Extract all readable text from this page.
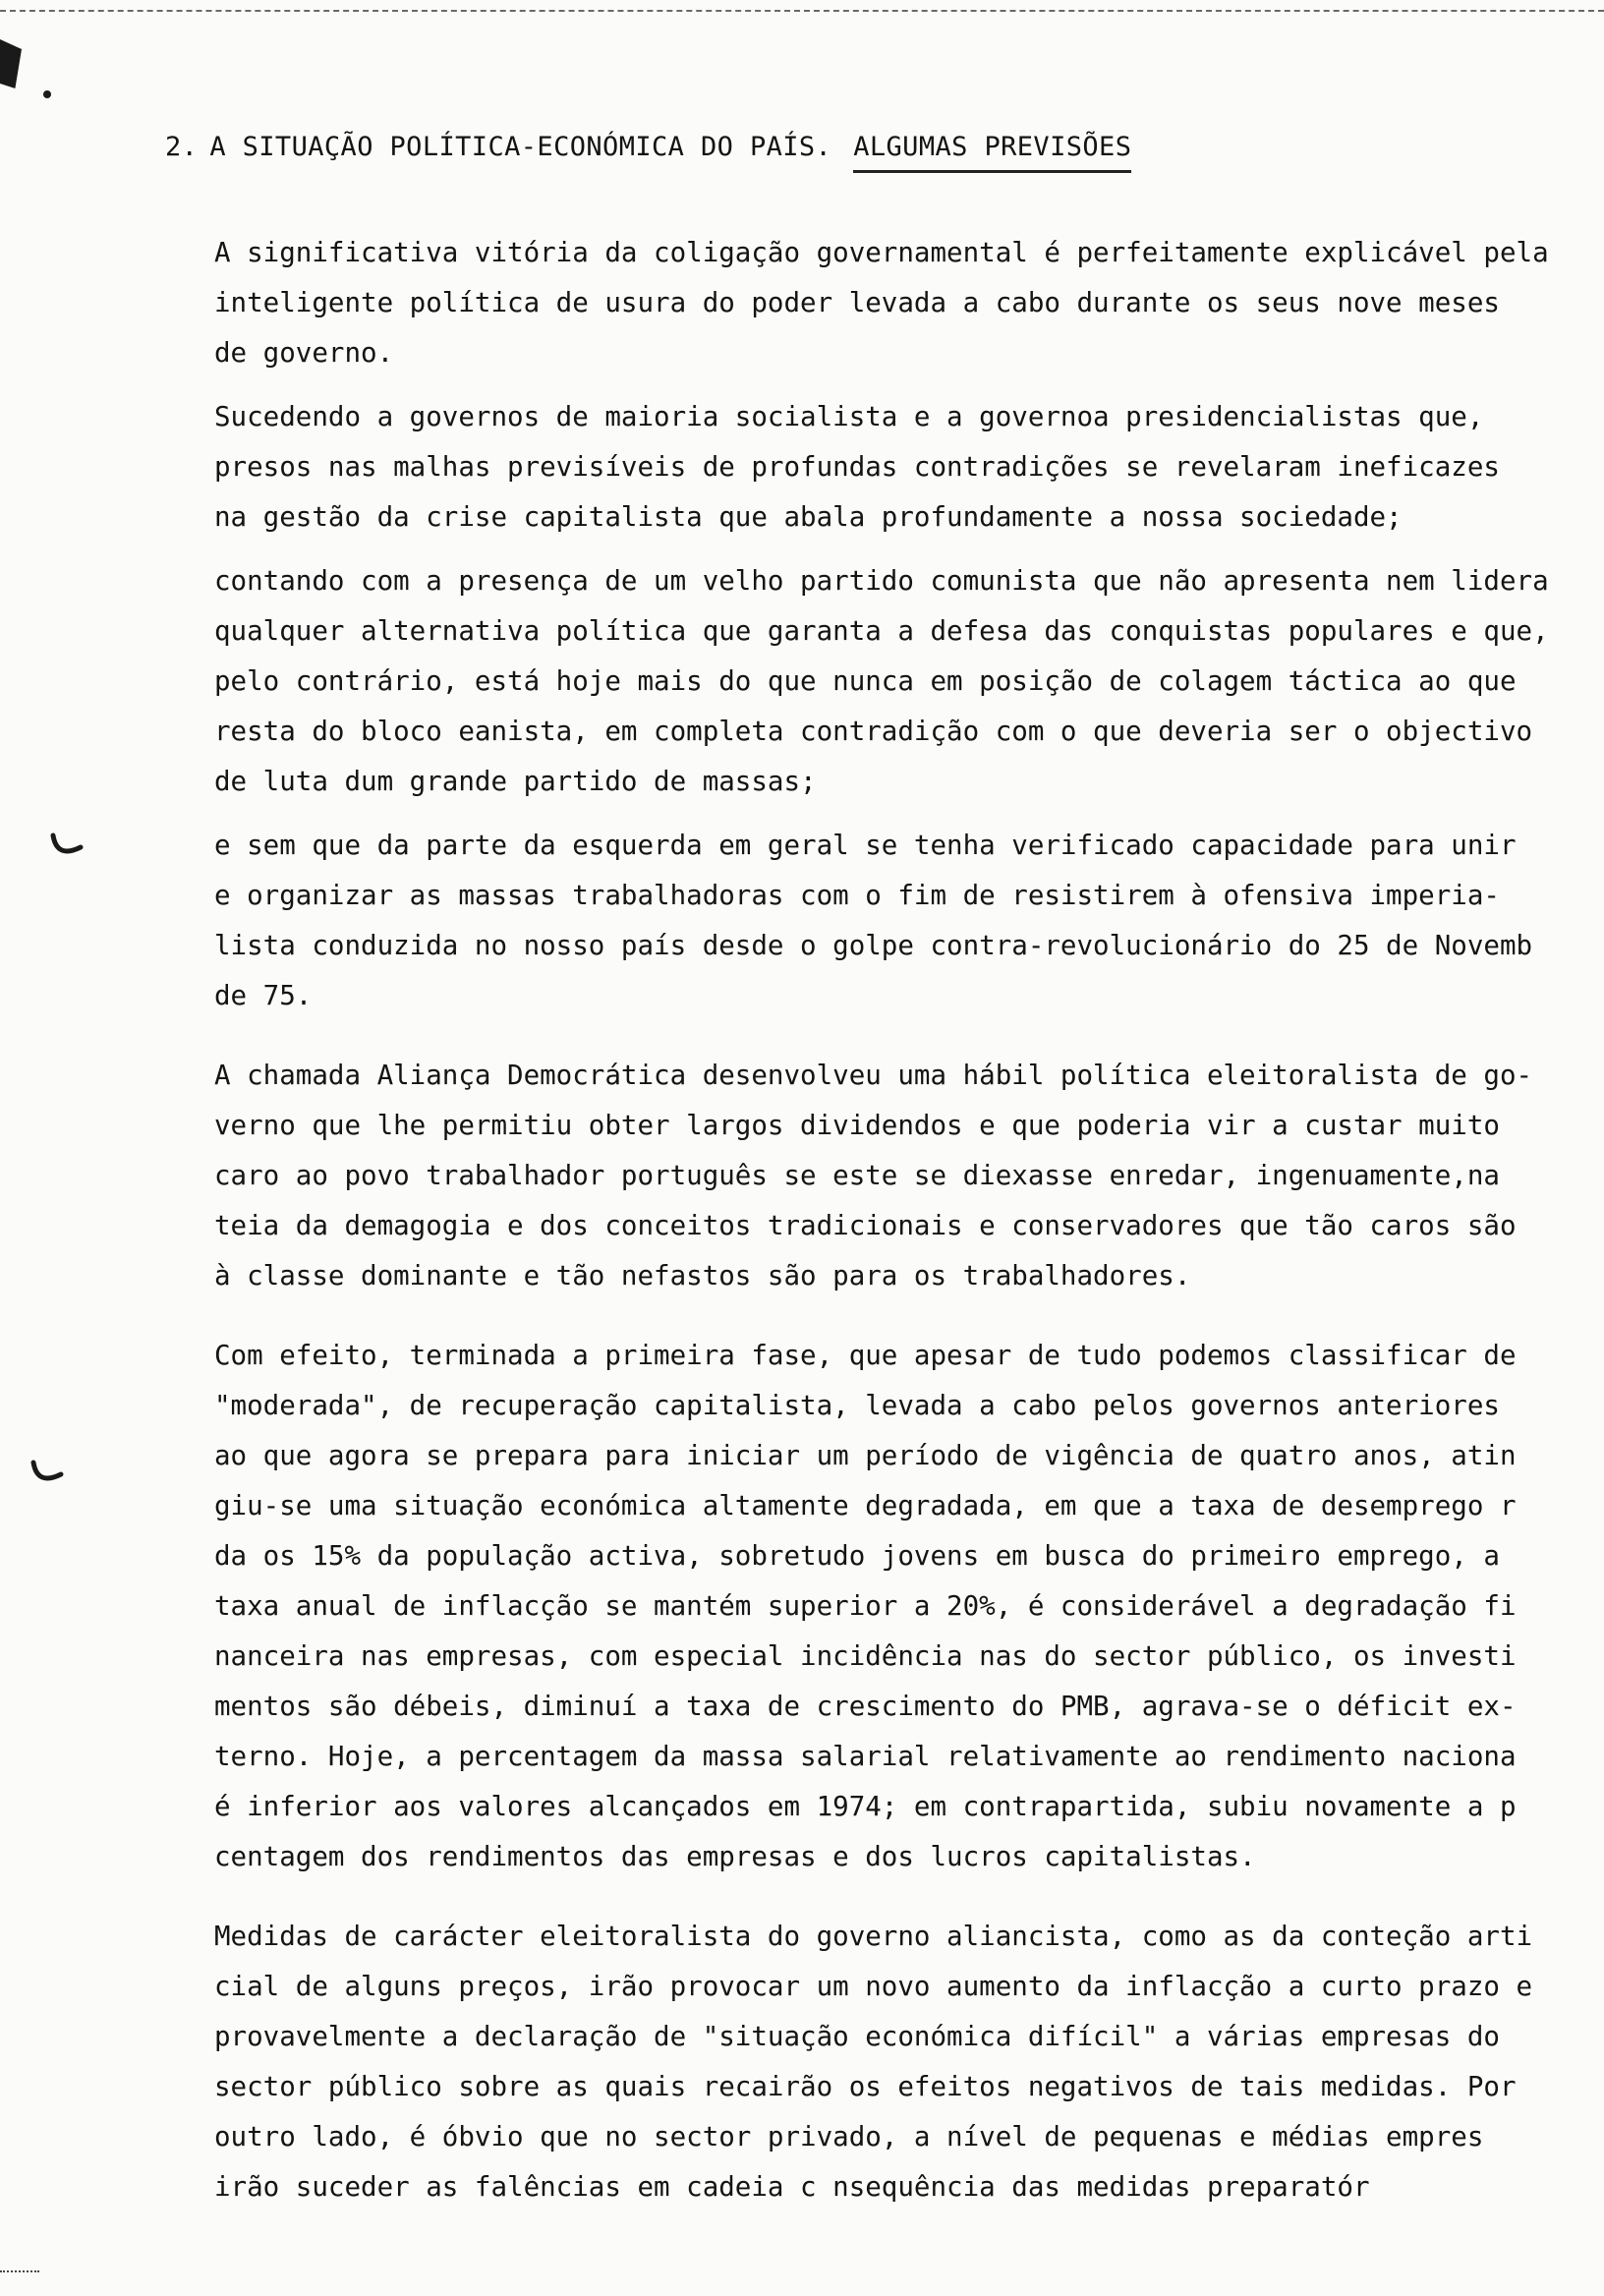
2. A SITUAÇÃO POLÍTICA-ECONÓMICA DO PAÍS. ALGUMAS PREVISÕES

A significativa vitória da coligação governamental é perfeitamente explicável pela
inteligente política de usura do poder levada a cabo durante os seus nove meses
de governo.

Sucedendo a governos de maioria socialista e a governoa presidencialistas que,
presos nas malhas previsíveis de profundas contradições se revelaram ineficazes
na gestão da crise capitalista que abala profundamente a nossa sociedade;

contando com a presença de um velho partido comunista que não apresenta nem lidera
qualquer alternativa política que garanta a defesa das conquistas populares e que,
pelo contrário, está hoje mais do que nunca em posição de colagem táctica ao que
resta do bloco eanista, em completa contradição com o que deveria ser o objectivo
de luta dum grande partido de massas;

e sem que da parte da esquerda em geral se tenha verificado capacidade para unir
e organizar as massas trabalhadoras com o fim de resistirem à ofensiva imperia-
lista conduzida no nosso país desde o golpe contra-revolucionário do 25 de Novemb
de 75.

A chamada Aliança Democrática desenvolveu uma hábil política eleitoralista de go-
verno que lhe permitiu obter largos dividendos e que poderia vir a custar muito
caro ao povo trabalhador português se este se diexasse enredar, ingenuamente,na
teia da demagogia e dos conceitos tradicionais e conservadores que tão caros são
à classe dominante e tão nefastos são para os trabalhadores.

Com efeito, terminada a primeira fase, que apesar de tudo podemos classificar de
"moderada", de recuperação capitalista, levada a cabo pelos governos anteriores
ao que agora se prepara para iniciar um período de vigência de quatro anos, atin
giu-se uma situação económica altamente degradada, em que a taxa de desemprego r
da os 15% da população activa, sobretudo jovens em busca do primeiro emprego, a
taxa anual de inflacção se mantém superior a 20%, é considerável a degradação fi
nanceira nas empresas, com especial incidência nas do sector público, os investi
mentos são débeis, diminuí a taxa de crescimento do PMB, agrava-se o déficit ex-
terno. Hoje, a percentagem da massa salarial relativamente ao rendimento naciona
é inferior aos valores alcançados em 1974; em contrapartida, subiu novamente a p
centagem dos rendimentos das empresas e dos lucros capitalistas.

Medidas de carácter eleitoralista do governo aliancista, como as da conteção arti
cial de alguns preços, irão provocar um novo aumento da inflacção a curto prazo e
provavelmente a declaração de "situação económica difícil" a várias empresas do
sector público sobre as quais recairão os efeitos negativos de tais medidas. Por
outro lado, é óbvio que no sector privado, a nível de pequenas e médias empres
irão suceder as falências em cadeia c nsequência das medidas preparatór
